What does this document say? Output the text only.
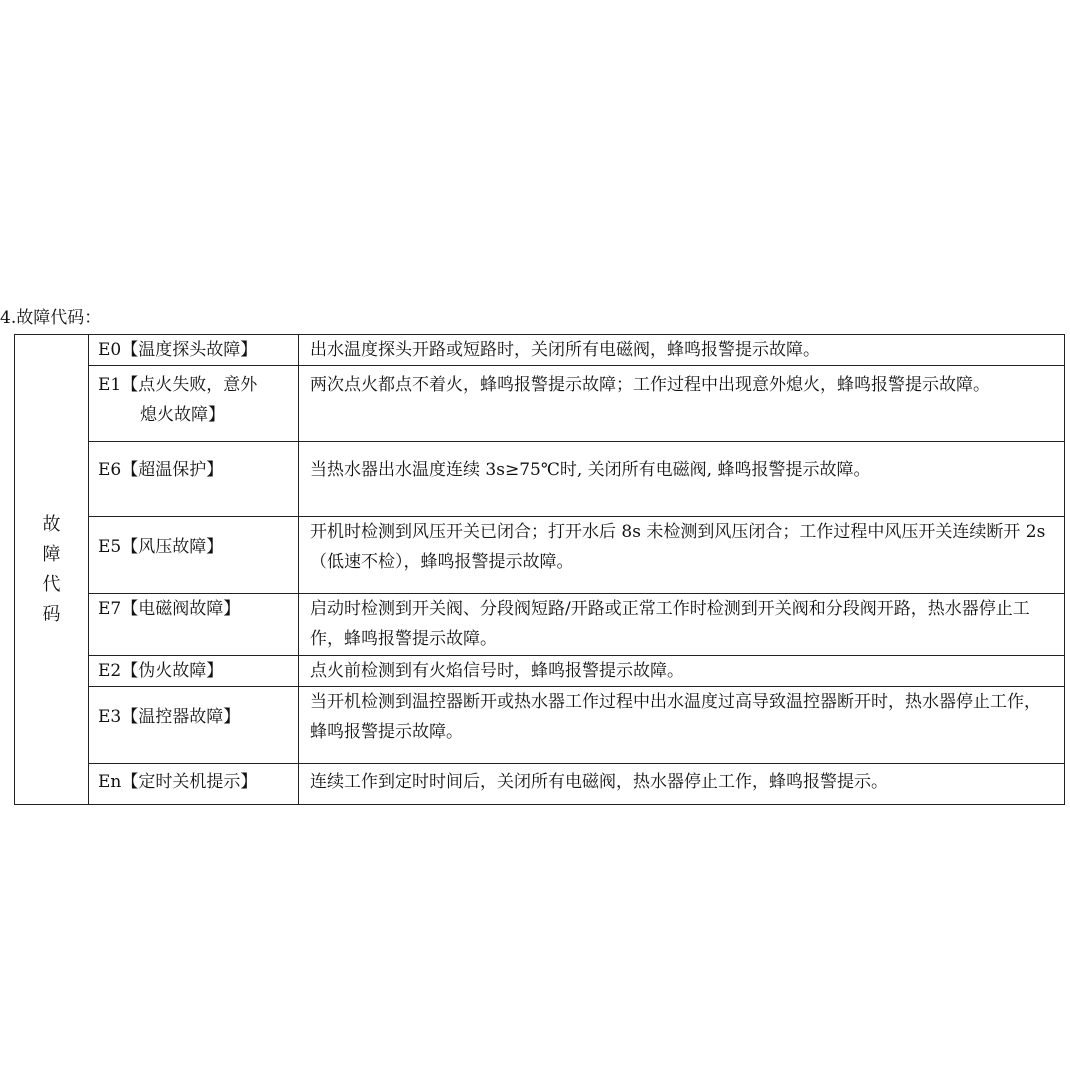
4.故障代码：
故
障
代
码	E0【温度探头故障】	出水温度探头开路或短路时，关闭所有电磁阀，蜂鸣报警提示故障。
	E1【点火失败，意外
熄火故障】	两次点火都点不着火，蜂鸣报警提示故障；工作过程中出现意外熄火，蜂鸣报警提示故障。
	E6【超温保护】	当热水器出水温度连续 3s≥75℃时, 关闭所有电磁阀, 蜂鸣报警提示故障。
	E5【风压故障】	开机时检测到风压开关已闭合；打开水后 8s 未检测到风压闭合；工作过程中风压开关连续断开 2s（低速不检），蜂鸣报警提示故障。
	E7【电磁阀故障】	启动时检测到开关阀、分段阀短路/开路或正常工作时检测到开关阀和分段阀开路，热水器停止工作，蜂鸣报警提示故障。
	E2【伪火故障】	点火前检测到有火焰信号时，蜂鸣报警提示故障。
	E3【温控器故障】	当开机检测到温控器断开或热水器工作过程中出水温度过高导致温控器断开时，热水器停止工作，蜂鸣报警提示故障。
	En【定时关机提示】	连续工作到定时时间后，关闭所有电磁阀，热水器停止工作，蜂鸣报警提示。
